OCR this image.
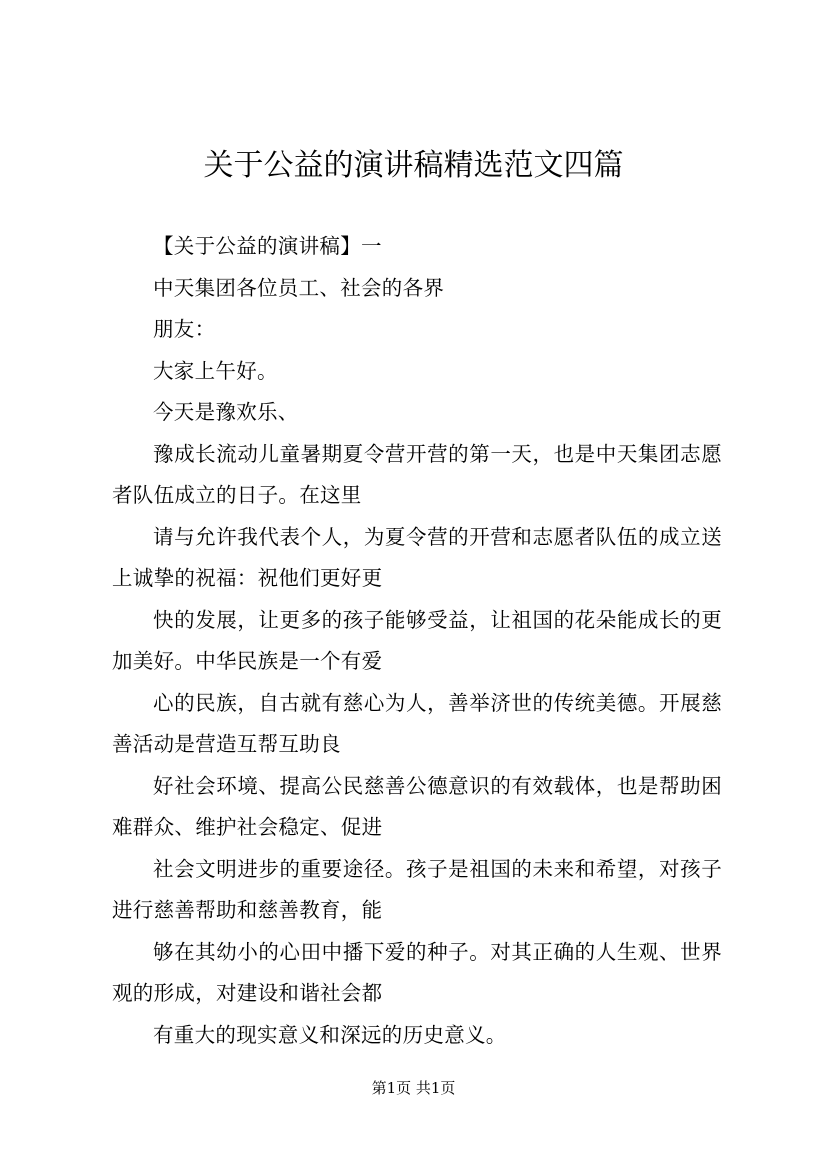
关于公益的演讲稿精选范文四篇

【关于公益的演讲稿】一

中天集团各位员工、社会的各界

朋友：

大家上午好。

今天是豫欢乐、

豫成长流动儿童暑期夏令营开营的第一天，也是中天集团志愿者队伍成立的日子。在这里

请与允许我代表个人，为夏令营的开营和志愿者队伍的成立送上诚挚的祝福：祝他们更好更

快的发展，让更多的孩子能够受益，让祖国的花朵能成长的更加美好。中华民族是一个有爱

心的民族，自古就有慈心为人，善举济世的传统美德。开展慈善活动是营造互帮互助良

好社会环境、提高公民慈善公德意识的有效载体，也是帮助困难群众、维护社会稳定、促进

社会文明进步的重要途径。孩子是祖国的未来和希望，对孩子进行慈善帮助和慈善教育，能

够在其幼小的心田中播下爱的种子。对其正确的人生观、世界观的形成，对建设和谐社会都

有重大的现实意义和深远的历史意义。

第1页 共1页
